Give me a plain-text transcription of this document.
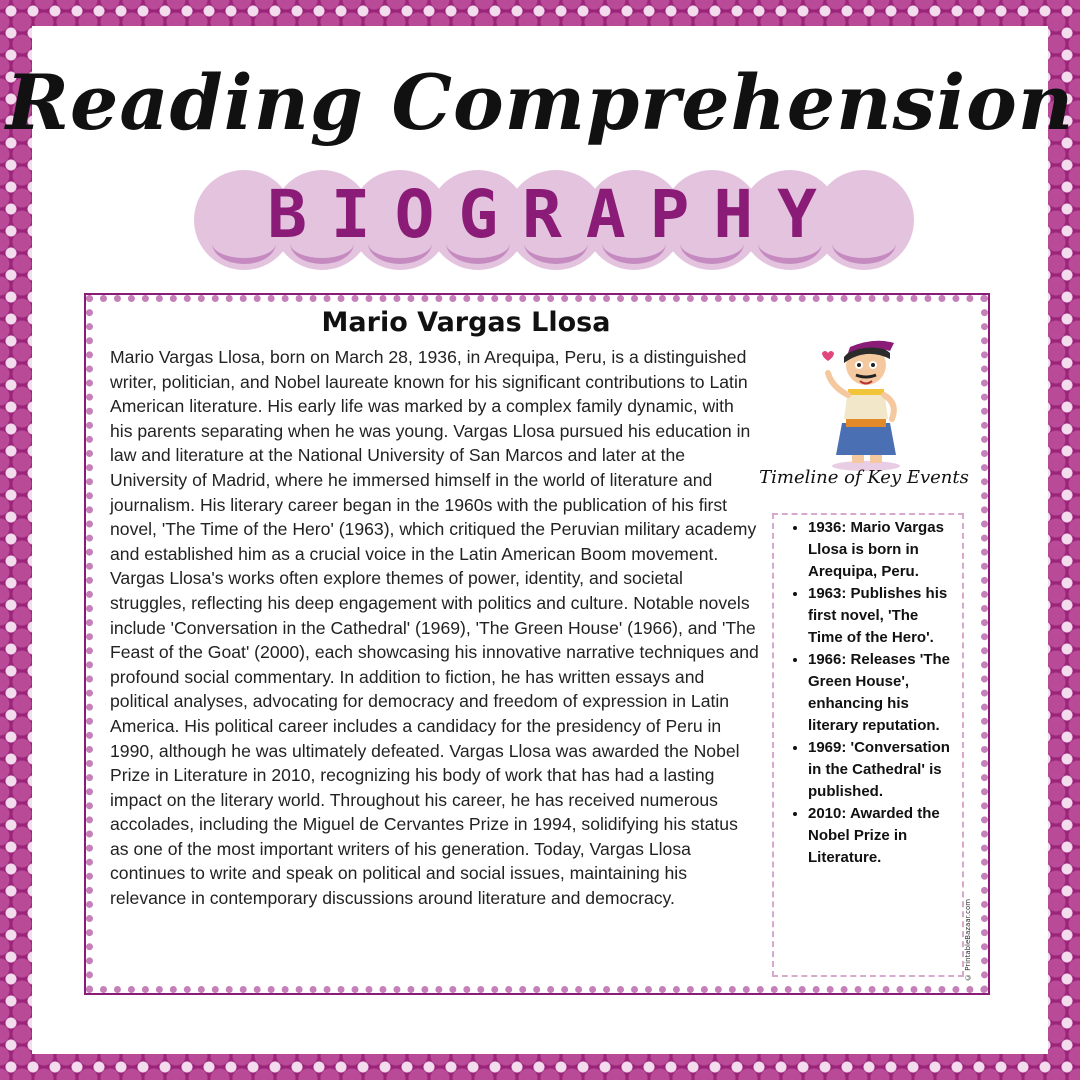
Reading Comprehension
BIOGRAPHY
Mario Vargas Llosa
Mario Vargas Llosa, born on March 28, 1936, in Arequipa, Peru, is a distinguished writer, politician, and Nobel laureate known for his significant contributions to Latin American literature. His early life was marked by a complex family dynamic, with his parents separating when he was young. Vargas Llosa pursued his education in law and literature at the National University of San Marcos and later at the University of Madrid, where he immersed himself in the world of literature and journalism. His literary career began in the 1960s with the publication of his first novel, 'The Time of the Hero' (1963), which critiqued the Peruvian military academy and established him as a crucial voice in the Latin American Boom movement. Vargas Llosa's works often explore themes of power, identity, and societal struggles, reflecting his deep engagement with politics and culture. Notable novels include 'Conversation in the Cathedral' (1969), 'The Green House' (1966), and 'The Feast of the Goat' (2000), each showcasing his innovative narrative techniques and profound social commentary. In addition to fiction, he has written essays and political analyses, advocating for democracy and freedom of expression in Latin America. His political career includes a candidacy for the presidency of Peru in 1990, although he was ultimately defeated. Vargas Llosa was awarded the Nobel Prize in Literature in 2010, recognizing his body of work that has had a lasting impact on the literary world. Throughout his career, he has received numerous accolades, including the Miguel de Cervantes Prize in 1994, solidifying his status as one of the most important writers of his generation. Today, Vargas Llosa continues to write and speak on political and social issues, maintaining his relevance in contemporary discussions around literature and democracy.
Timeline of Key Events
• 1936: Mario Vargas Llosa is born in Arequipa, Peru.
• 1963: Publishes his first novel, 'The Time of the Hero'.
• 1966: Releases 'The Green House', enhancing his literary reputation.
• 1969: 'Conversation in the Cathedral' is published.
• 2010: Awarded the Nobel Prize in Literature.
© PrintableBazaar.com
